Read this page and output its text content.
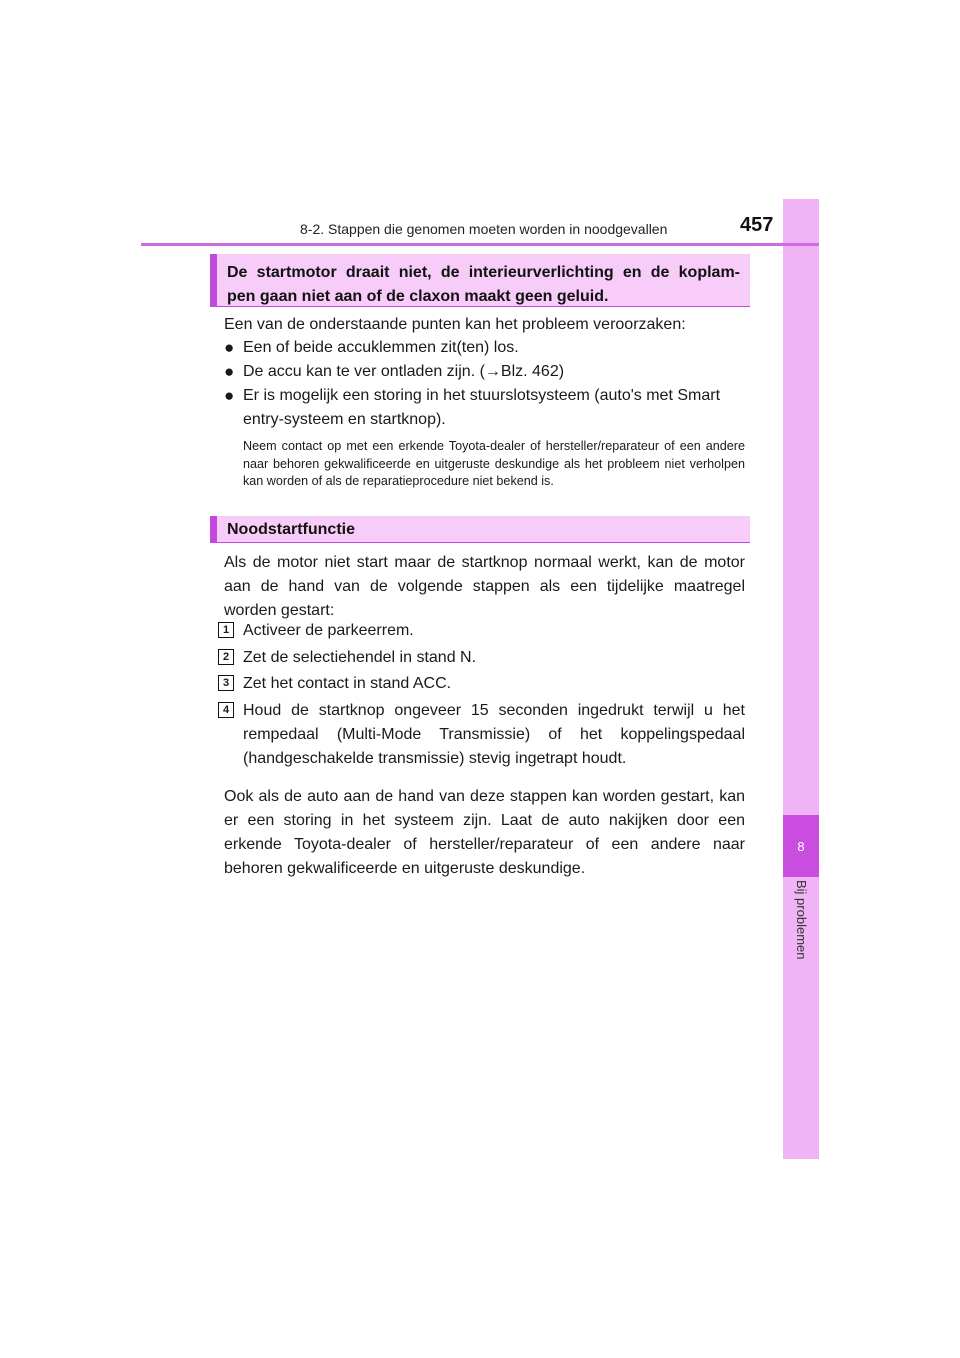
8
Bij problemen
8-2. Stappen die genomen moeten worden in noodgevallen	457
De startmotor draait niet, de interieurverlichting en de koplam-
pen gaan niet aan of de claxon maakt geen geluid.
Een van de onderstaande punten kan het probleem veroorzaken:
● Een of beide accuklemmen zit(ten) los.
● De accu kan te ver ontladen zijn. (→Blz. 462)
● Er is mogelijk een storing in het stuurslotsysteem (auto's met Smart
entry-systeem en startknop).
Neem contact op met een erkende Toyota-dealer of hersteller/reparateur of een andere naar behoren gekwalificeerde en uitgeruste deskundige als het probleem niet verholpen kan worden of als de reparatieprocedure niet bekend is.
Noodstartfunctie
Als de motor niet start maar de startknop normaal werkt, kan de motor aan de hand van de volgende stappen als een tijdelijke maatregel worden gestart:
1 Activeer de parkeerrem.
2 Zet de selectiehendel in stand N.
3 Zet het contact in stand ACC.
4 Houd de startknop ongeveer 15 seconden ingedrukt terwijl u het rempedaal (Multi-Mode Transmissie) of het koppelingspedaal (handgeschakelde transmissie) stevig ingetrapt houdt.
Ook als de auto aan de hand van deze stappen kan worden gestart, kan er een storing in het systeem zijn. Laat de auto nakijken door een erkende Toyota-dealer of hersteller/reparateur of een andere naar behoren gekwalificeerde en uitgeruste deskundige.
